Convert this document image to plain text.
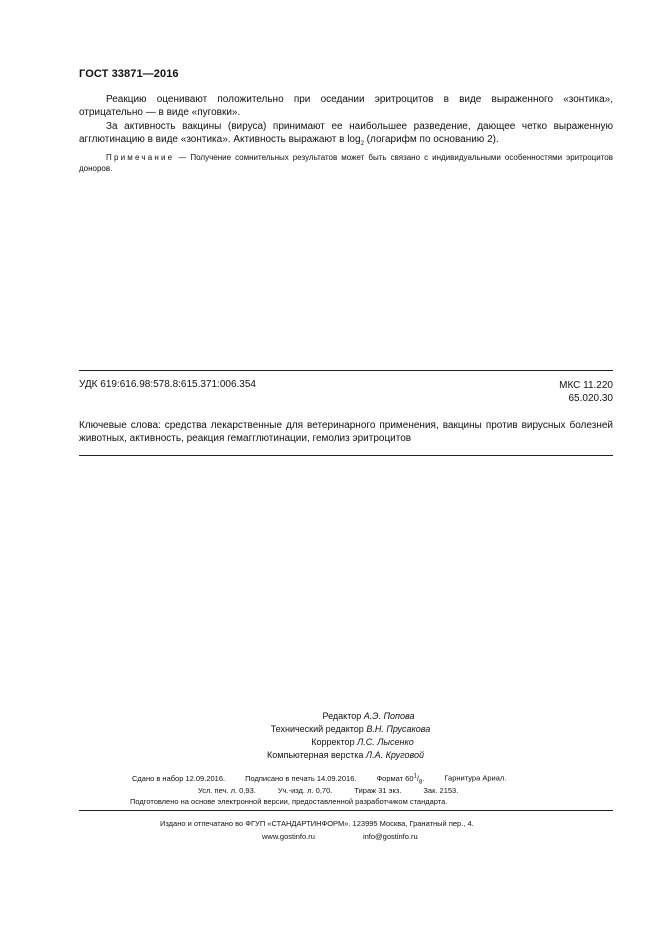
ГОСТ 33871—2016

Реакцию оценивают положительно при оседании эритроцитов в виде выраженного «зонтика», отрицательно — в виде «пуговки».

За активность вакцины (вируса) принимают ее наибольшее разведение, дающее четко выраженную агглютинацию в виде «зонтика». Активность выражают в $\log_2$ (логарифм по основанию 2).

Примечание — Получение сомнительных результатов может быть связано с индивидуальными особенностями эритроцитов доноров.
УДК 619:616.98:578.8:615.371:006.354	МКС 11.220
65.020.30
Ключевые слова: средства лекарственные для ветеринарного применения, вакцины против вирусных болезней животных, активность, реакция гемагглютинации, гемолиз эритроцитов
Редактор А.Э. Попова
Технический редактор В.Н. Прусакова
Корректор Л.С. Лысенко
Компьютерная верстка Л.А. Круговой
Сдано в набор 12.09.2016.	Подписано в печать 14.09.2016.	Формат $60^1/_8$.	Гарнитура Ариал.
Усл. печ. л. 0,93.	Уч.-изд. л. 0,70.	Тираж 31 экз.	Зак. 2153.
Подготовлено на основе электронной версии, предоставленной разработчиком стандарта.
Издано и отпечатано во ФГУП «СТАНДАРТИНФОРМ». 123995 Москва, Гранатный пер., 4.
www.gostinfo.ru	info@gostinfo.ru
